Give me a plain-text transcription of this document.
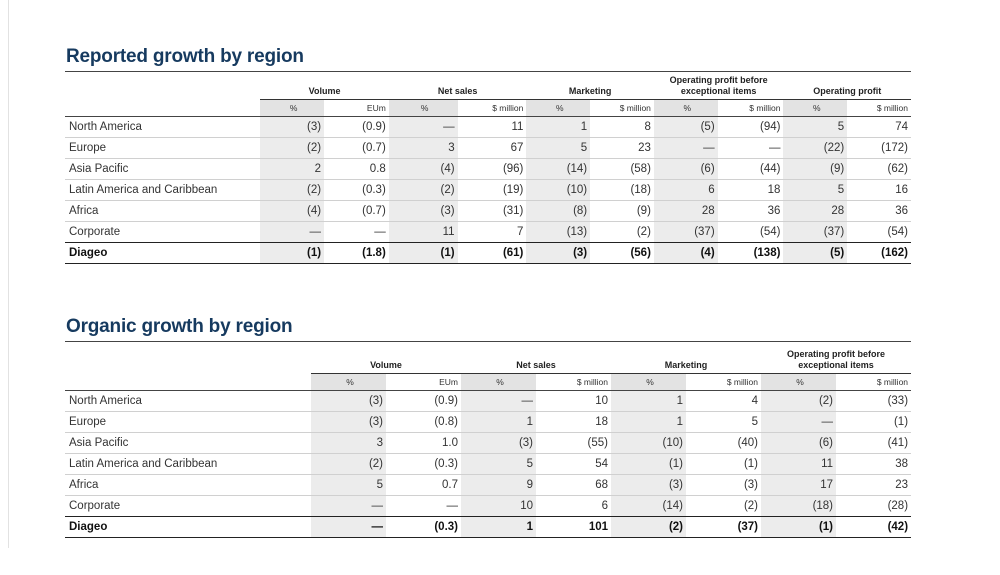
Reported growth by region
	Volume		Net sales		Marketing		Operating profit before exceptional items		Operating profit	
	%	EUm	%	$ million	%	$ million	%	$ million	%	$ million
North America	(3)	(0.9)	—	11	1	8	(5)	(94)	5	74
Europe	(2)	(0.7)	3	67	5	23	—	—	(22)	(172)
Asia Pacific	2	0.8	(4)	(96)	(14)	(58)	(6)	(44)	(9)	(62)
Latin America and Caribbean	(2)	(0.3)	(2)	(19)	(10)	(18)	6	18	5	16
Africa	(4)	(0.7)	(3)	(31)	(8)	(9)	28	36	28	36
Corporate	—	—	11	7	(13)	(2)	(37)	(54)	(37)	(54)
Diageo	(1)	(1.8)	(1)	(61)	(3)	(56)	(4)	(138)	(5)	(162)
Organic growth by region
	Volume		Net sales		Marketing		Operating profit before exceptional items	
	%	EUm	%	$ million	%	$ million	%	$ million
North America	(3)	(0.9)	—	10	1	4	(2)	(33)
Europe	(3)	(0.8)	1	18	1	5	—	(1)
Asia Pacific	3	1.0	(3)	(55)	(10)	(40)	(6)	(41)
Latin America and Caribbean	(2)	(0.3)	5	54	(1)	(1)	11	38
Africa	5	0.7	9	68	(3)	(3)	17	23
Corporate	—	—	10	6	(14)	(2)	(18)	(28)
Diageo	—	(0.3)	1	101	(2)	(37)	(1)	(42)
